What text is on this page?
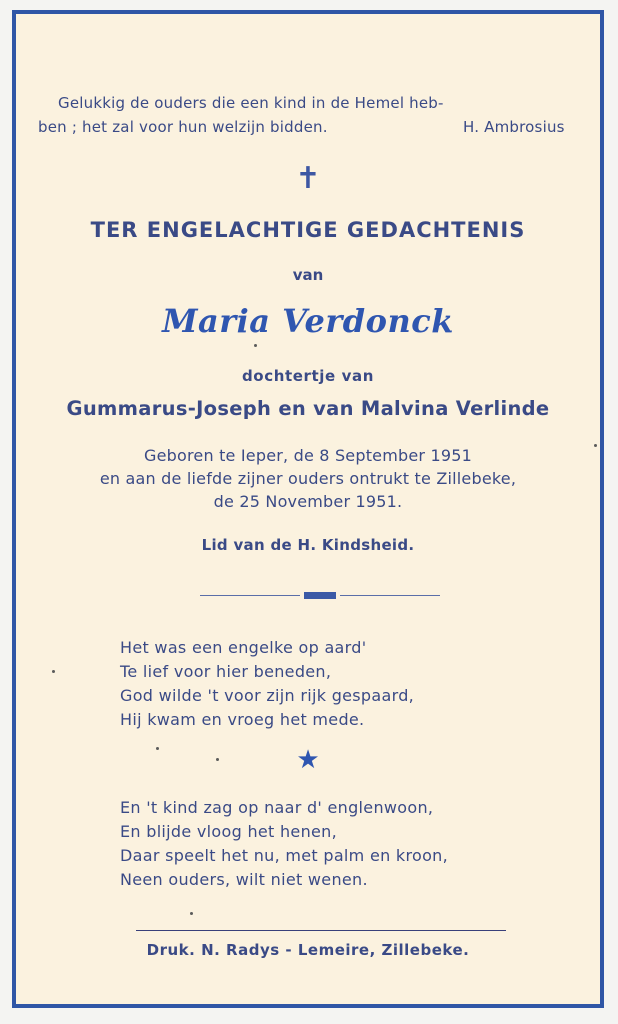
Gelukkig de ouders die een kind in de Hemel heb-
ben ; het zal voor hun welzijn bidden.	H. Ambrosius
✝
TER ENGELACHTIGE GEDACHTENIS
van
Maria Verdonck
dochtertje van
Gummarus-Joseph en van Malvina Verlinde
Geboren te Ieper, de 8 September 1951
en aan de liefde zijner ouders ontrukt te Zillebeke,
de 25 November 1951.
Lid van de H. Kindsheid.
Het was een engelke op aard'
Te lief voor hier beneden,
God wilde 't voor zijn rijk gespaard,
Hij kwam en vroeg het mede.
★
En 't kind zag op naar d' englenwoon,
En blijde vloog het henen,
Daar speelt het nu, met palm en kroon,
Neen ouders, wilt niet wenen.
Druk. N. Radys - Lemeire, Zillebeke.
